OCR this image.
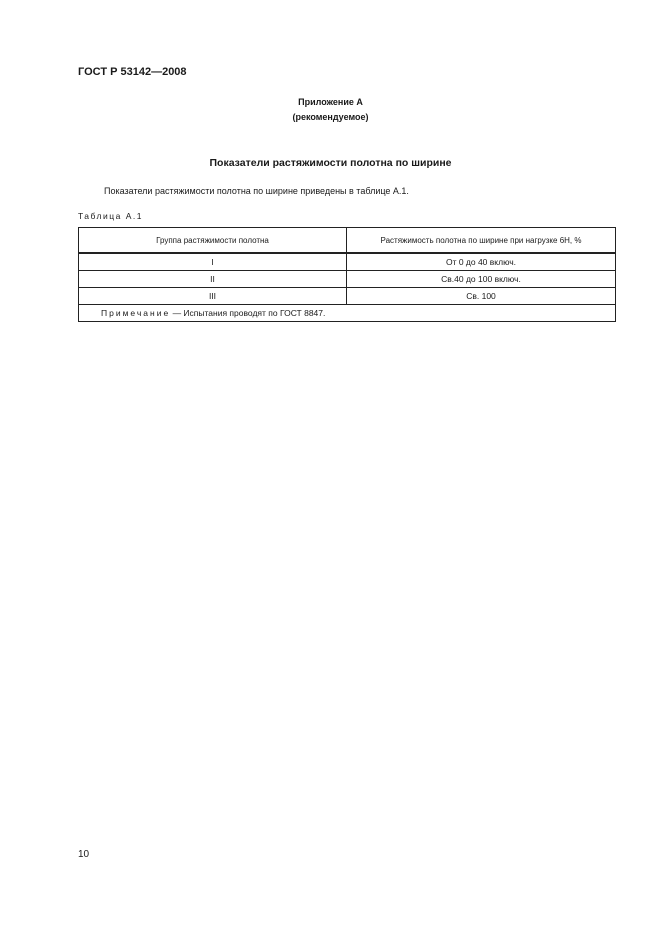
ГОСТ Р 53142—2008
Приложение А
(рекомендуемое)
Показатели растяжимости полотна по ширине
Показатели растяжимости полотна по ширине приведены в таблице А.1.
Таблица А.1
Группа растяжимости полотна	Растяжимость полотна по ширине при нагрузке 6Н, %
I	От 0 до 40 включ.
II	Св.40 до 100 включ.
III	Св. 100
Примечание — Испытания проводят по ГОСТ 8847.	
10
